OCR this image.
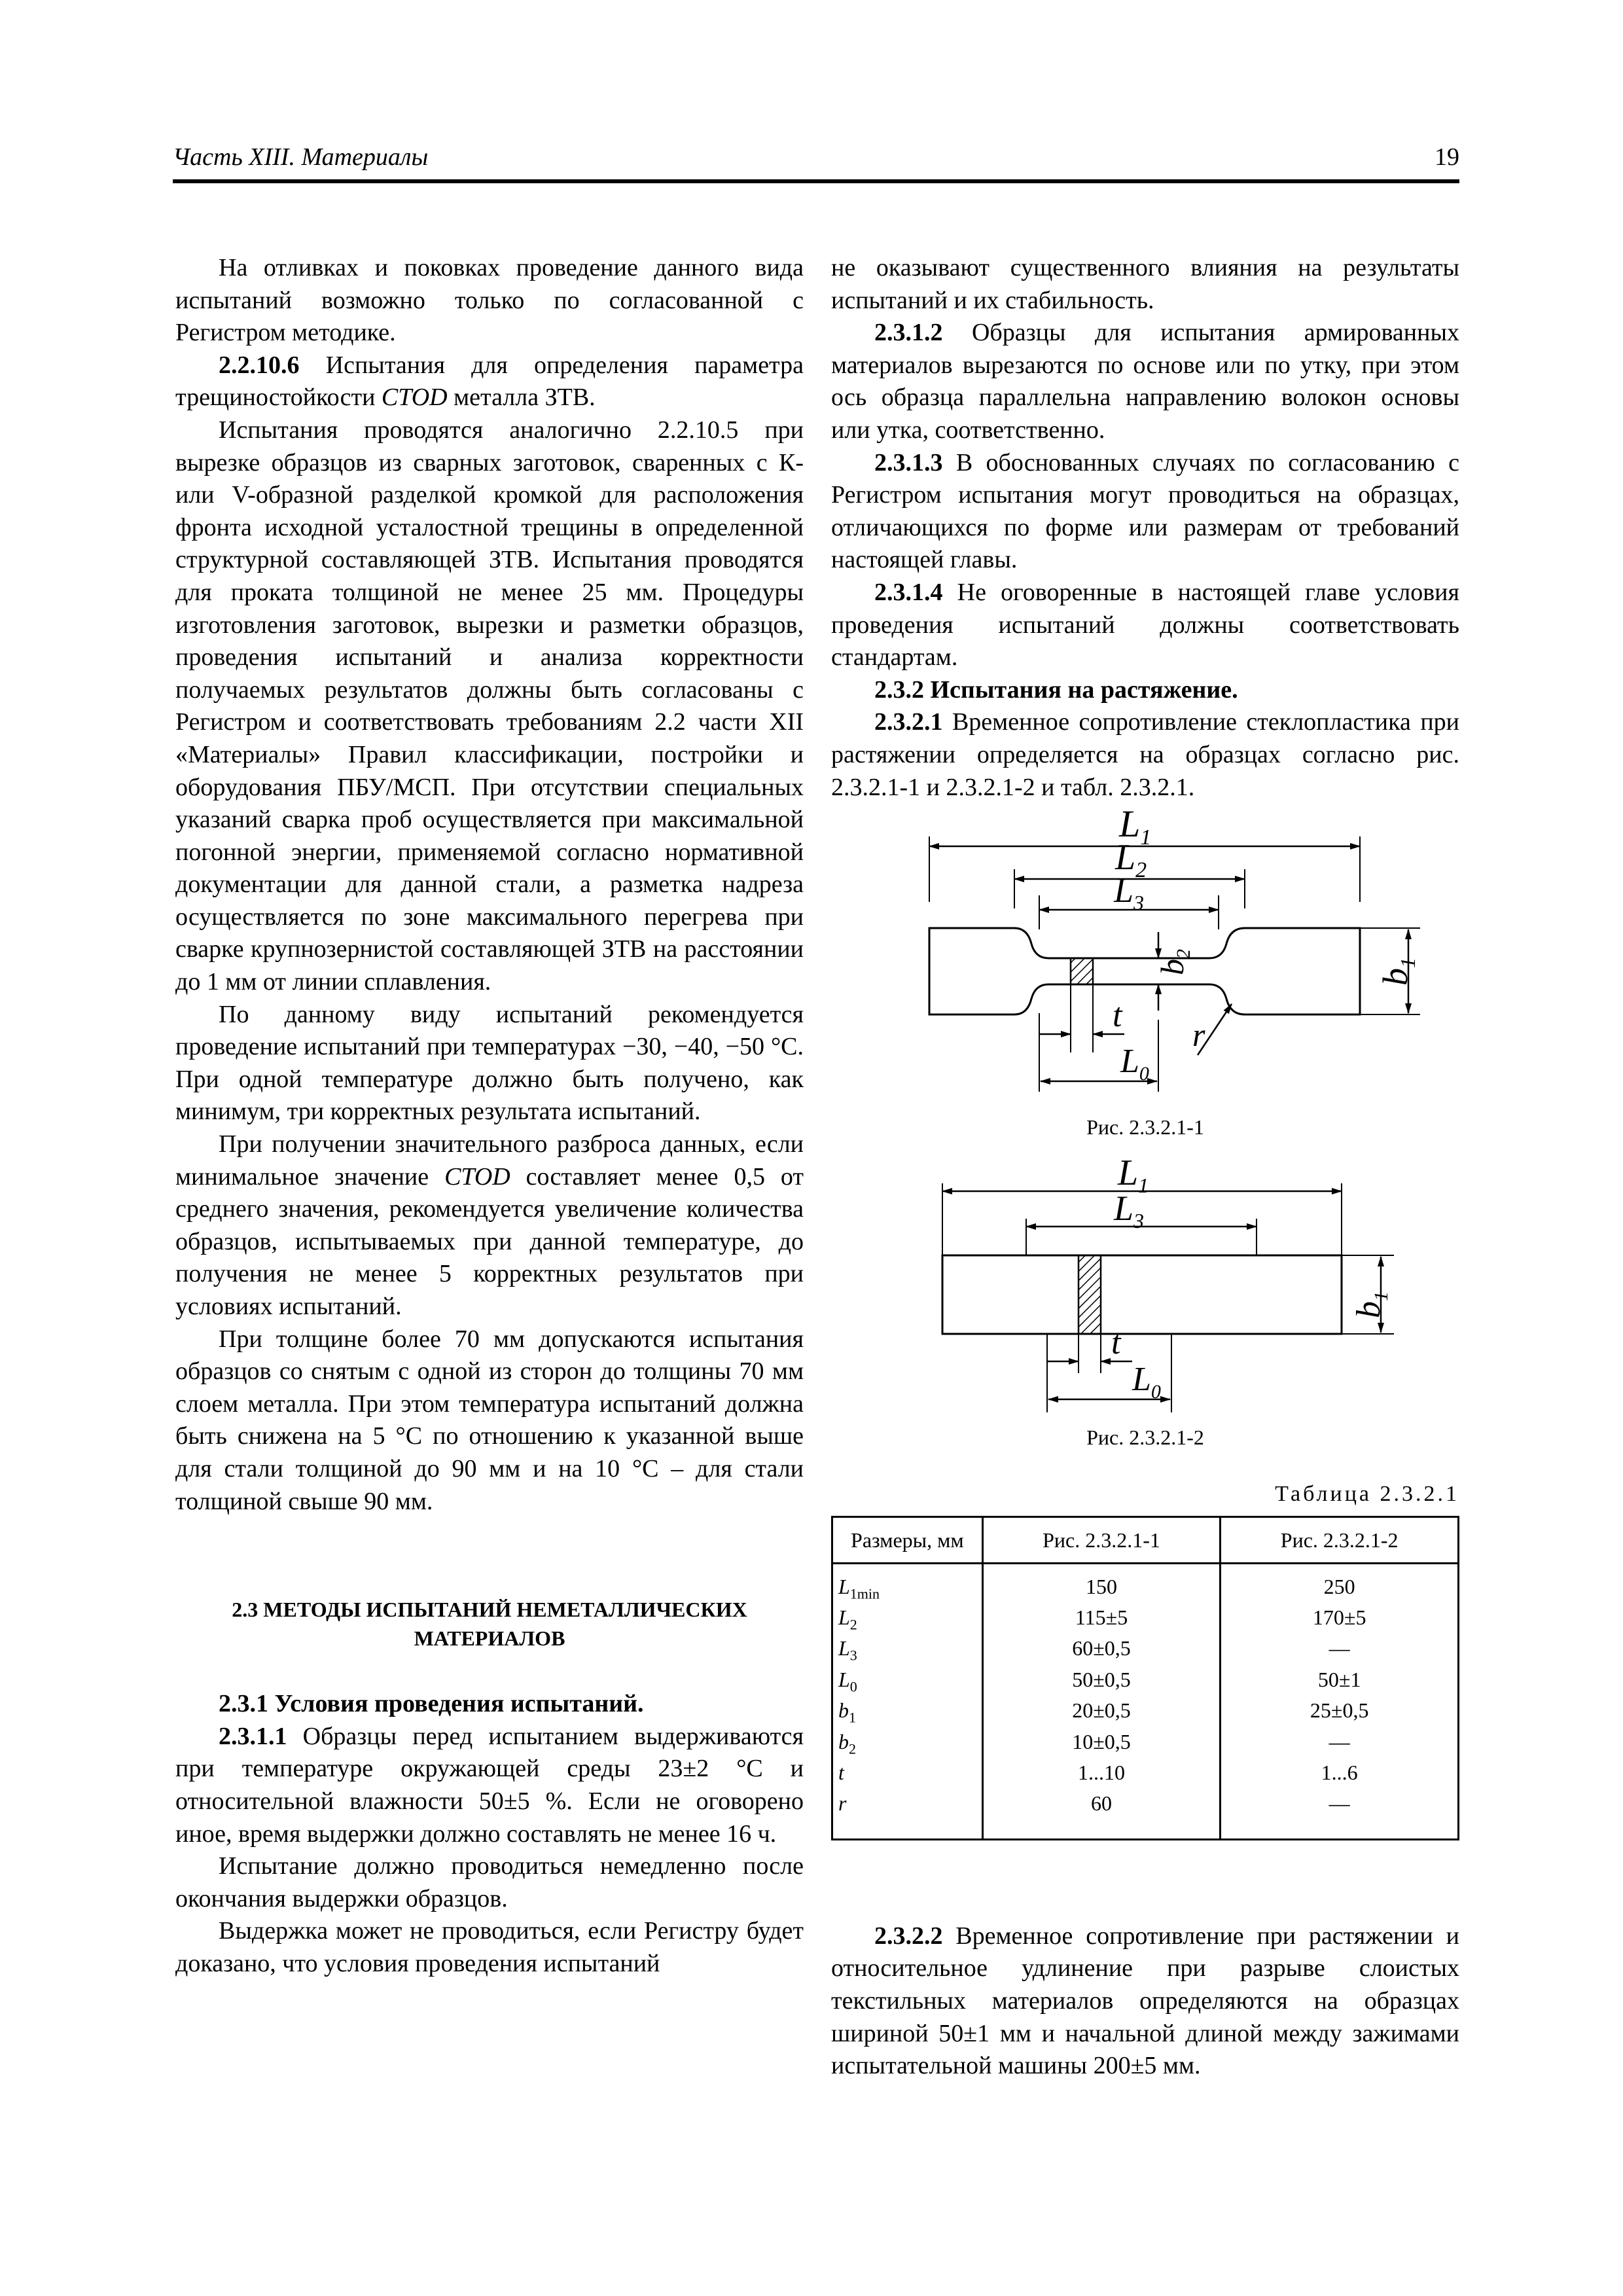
Часть XIII. Материалы	19

На отливках и поковках проведение данного вида испытаний возможно только по согласованной с Регистром методике.

2.2.10.6 Испытания для определения параметра трещиностойкости CTOD металла ЗТВ.

Испытания проводятся аналогично 2.2.10.5 при вырезке образцов из сварных заготовок, сваренных с К- или V-образной разделкой кромкой для расположения фронта исходной усталостной трещины в определенной структурной составляющей ЗТВ. Испытания проводятся для проката толщиной не менее 25 мм. Процедуры изготовления заготовок, вырезки и разметки образцов, проведения испытаний и анализа корректности получаемых результатов должны быть согласованы с Регистром и соответствовать требованиям 2.2 части XII «Материалы» Правил классификации, постройки и оборудования ПБУ/МСП. При отсутствии специальных указаний сварка проб осуществляется при максимальной погонной энергии, применяемой согласно нормативной документации для данной стали, а разметка надреза осуществляется по зоне максимального перегрева при сварке крупнозернистой составляющей ЗТВ на расстоянии до 1 мм от линии сплавления.

По данному виду испытаний рекомендуется проведение испытаний при температурах −30, −40, −50 °С. При одной температуре должно быть получено, как минимум, три корректных результата испытаний.

При получении значительного разброса данных, если минимальное значение CTOD составляет менее 0,5 от среднего значения, рекомендуется увеличение количества образцов, испытываемых при данной температуре, до получения не менее 5 корректных результатов при условиях испытаний.

При толщине более 70 мм допускаются испытания образцов со снятым с одной из сторон до толщины 70 мм слоем металла. При этом температура испытаний должна быть снижена на 5 °С по отношению к указанной выше для стали толщиной до 90 мм и на 10 °С – для стали толщиной свыше 90 мм.

2.3 МЕТОДЫ ИСПЫТАНИЙ НЕМЕТАЛЛИЧЕСКИХ
МАТЕРИАЛОВ

2.3.1 Условия проведения испытаний.

2.3.1.1 Образцы перед испытанием выдерживаются при температуре окружающей среды 23±2 °С и относительной влажности 50±5 %. Если не оговорено иное, время выдержки должно составлять не менее 16 ч.

Испытание должно проводиться немедленно после окончания выдержки образцов.

Выдержка может не проводиться, если Регистру будет доказано, что условия проведения испытаний

не оказывают существенного влияния на результаты испытаний и их стабильность.

2.3.1.2 Образцы для испытания армированных материалов вырезаются по основе или по утку, при этом ось образца параллельна направлению волокон основы или утка, соответственно.

2.3.1.3 В обоснованных случаях по согласованию с Регистром испытания могут проводиться на образцах, отличающихся по форме или размерам от требований настоящей главы.

2.3.1.4 Не оговоренные в настоящей главе условия проведения испытаний должны соответствовать стандартам.

2.3.2 Испытания на растяжение.

2.3.2.1 Временное сопротивление стеклопластика при растяжении определяется на образцах согласно рис. 2.3.2.1-1 и 2.3.2.1-2 и табл. 2.3.2.1.

$L_1$
$L_2$
$L_3$
$b_2$
$b_1$
r
t
$L_0$
Рис. 2.3.2.1-1
$L_1$
$L_3$
$b_1$
t
$L_0$
Рис. 2.3.2.1-2
Таблица 2.3.2.1
Размеры, мм	Рис. 2.3.2.1-1	Рис. 2.3.2.1-2
$L_{1min}$	150	250
$L_2$	115±5	170±5
$L_3$	60±0,5	—
$L_0$	50±0,5	50±1
$b_1$	20±0,5	25±0,5
$b_2$	10±0,5	—
t	1...10	1...6
r	60	—

2.3.2.2 Временное сопротивление при растяжении и относительное удлинение при разрыве слоистых текстильных материалов определяются на образцах шириной 50±1 мм и начальной длиной между зажимами испытательной машины 200±5 мм.
